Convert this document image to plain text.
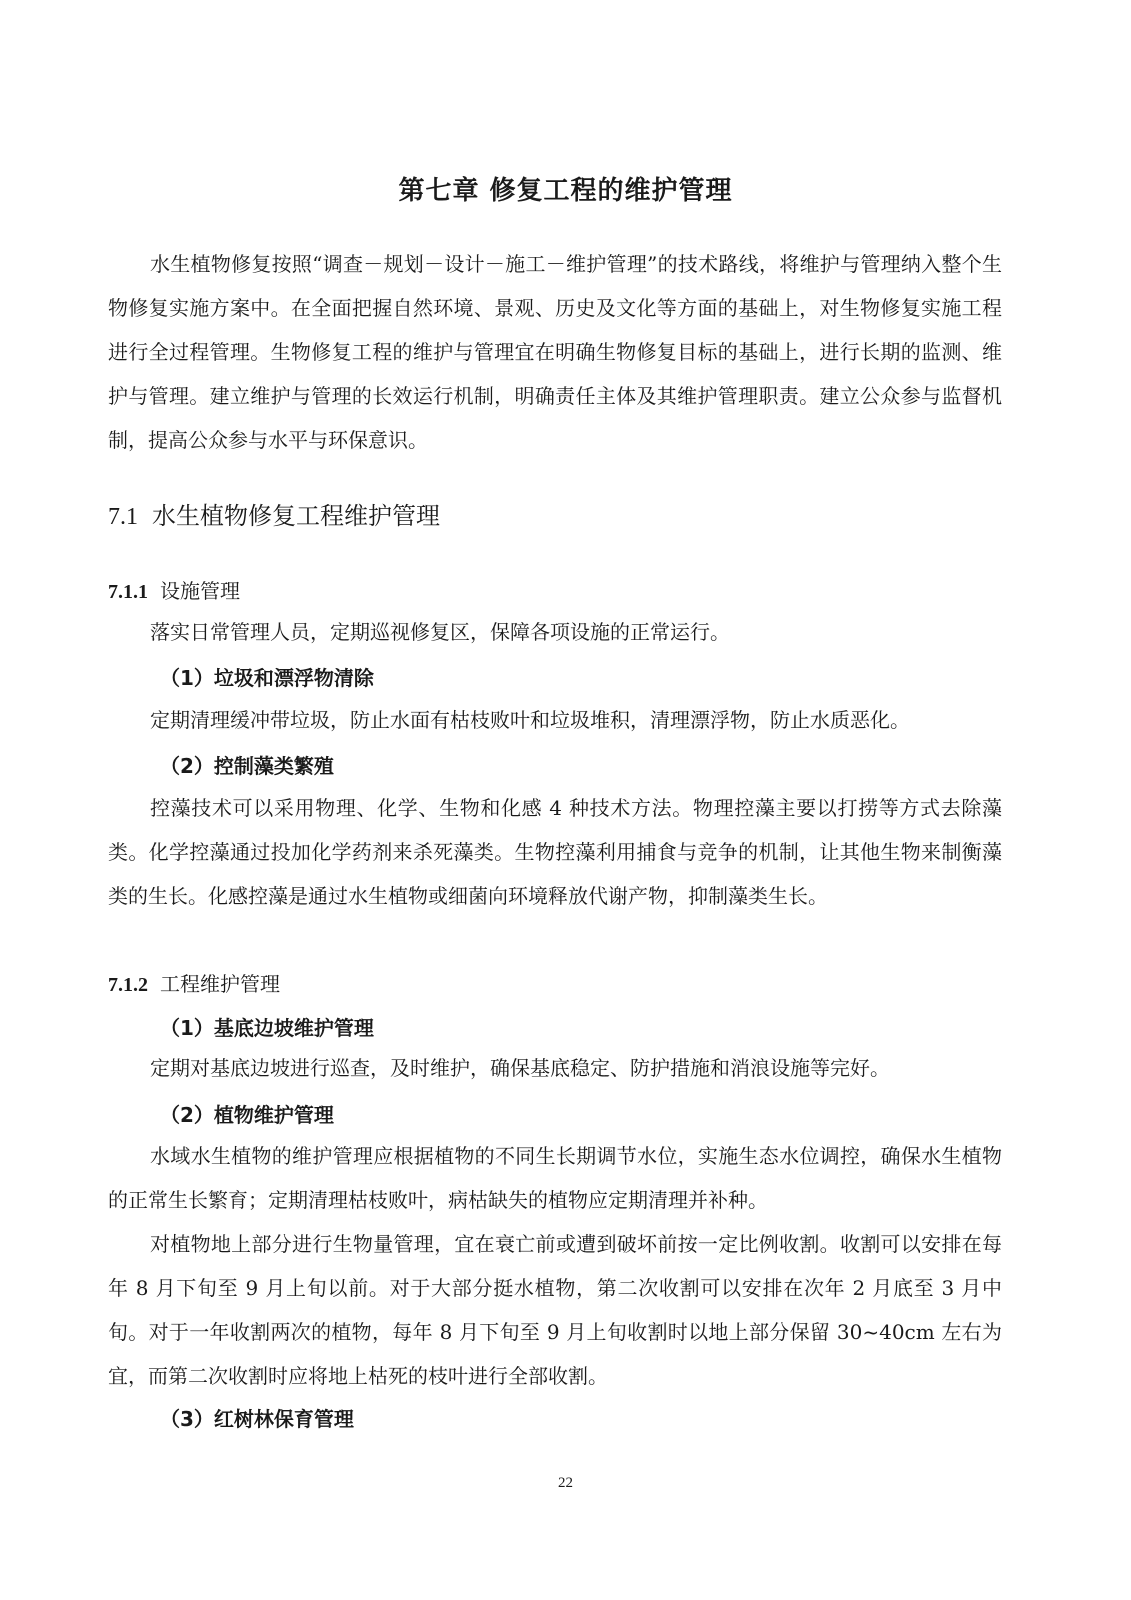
第七章 修复工程的维护管理

水生植物修复按照“调查－规划－设计－施工－维护管理”的技术路线，将维护与管理纳入整个生物修复实施方案中。在全面把握自然环境、景观、历史及文化等方面的基础上，对生物修复实施工程进行全过程管理。生物修复工程的维护与管理宜在明确生物修复目标的基础上，进行长期的监测、维护与管理。建立维护与管理的长效运行机制，明确责任主体及其维护管理职责。建立公众参与监督机制，提高公众参与水平与环保意识。

7.1 水生植物修复工程维护管理
7.1.1 设施管理

落实日常管理人员，定期巡视修复区，保障各项设施的正常运行。

（1）垃圾和漂浮物清除

定期清理缓冲带垃圾，防止水面有枯枝败叶和垃圾堆积，清理漂浮物，防止水质恶化。

（2）控制藻类繁殖

控藻技术可以采用物理、化学、生物和化感 4 种技术方法。物理控藻主要以打捞等方式去除藻类。化学控藻通过投加化学药剂来杀死藻类。生物控藻利用捕食与竞争的机制，让其他生物来制衡藻类的生长。化感控藻是通过水生植物或细菌向环境释放代谢产物，抑制藻类生长。

7.1.2 工程维护管理

（1）基底边坡维护管理

定期对基底边坡进行巡查，及时维护，确保基底稳定、防护措施和消浪设施等完好。

（2）植物维护管理

水域水生植物的维护管理应根据植物的不同生长期调节水位，实施生态水位调控，确保水生植物的正常生长繁育；定期清理枯枝败叶，病枯缺失的植物应定期清理并补种。

对植物地上部分进行生物量管理，宜在衰亡前或遭到破坏前按一定比例收割。收割可以安排在每年 8 月下旬至 9 月上旬以前。对于大部分挺水植物，第二次收割可以安排在次年 2 月底至 3 月中旬。对于一年收割两次的植物，每年 8 月下旬至 9 月上旬收割时以地上部分保留 30~40cm 左右为宜，而第二次收割时应将地上枯死的枝叶进行全部收割。

（3）红树林保育管理

22
